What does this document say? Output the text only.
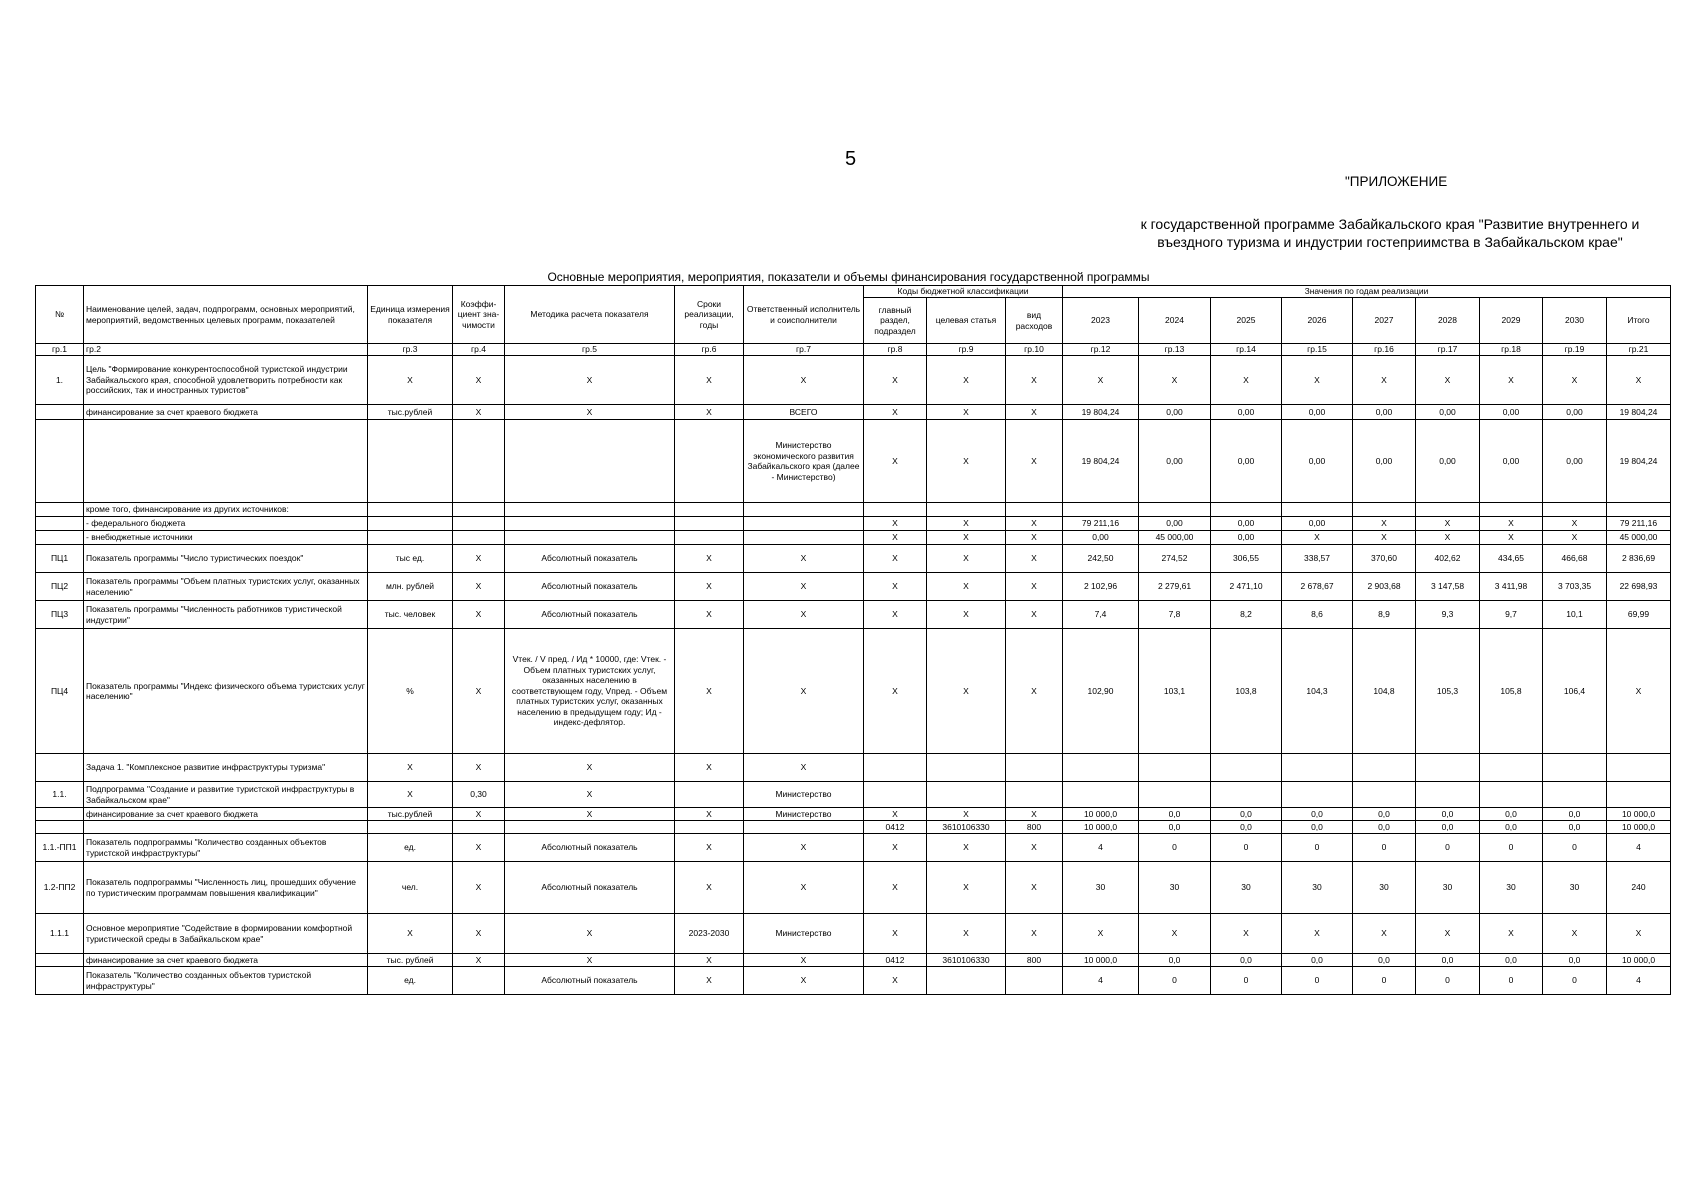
5
"ПРИЛОЖЕНИЕ
к государственной программе Забайкальского края "Развитие внутреннего и
въездного туризма и индустрии гостеприимства в Забайкальском крае"
Основные мероприятия, мероприятия, показатели и объемы финансирования государственной программы
№	Наименование целей, задач, подпрограмм, основных мероприятий, мероприятий, ведомственных целевых программ, показателей	Единица измерения показателя	Коэффи-циент зна-чимости	Методика расчета показателя	Сроки реализации, годы	Ответственный исполнитель и соисполнители	Коды бюджетной классификации			Значения по годам реализации								
							главный раздел, подраздел	целевая статья	вид расходов	2023	2024	2025	2026	2027	2028	2029	2030	Итого
гр.1	гр.2	гр.3	гр.4	гр.5	гр.6	гр.7	гр.8	гр.9	гр.10	гр.12	гр.13	гр.14	гр.15	гр.16	гр.17	гр.18	гр.19	гр.21
1.	Цель "Формирование конкурентоспособной туристской индустрии Забайкальского края, способной удовлетворить потребности как российских, так и иностранных туристов"	X	X	X	X	X	X	X	X	X	X	X	X	X	X	X	X	X
	финансирование за счет краевого бюджета	тыс.рублей	X	X	X	ВСЕГО	X	X	X	19 804,24	0,00	0,00	0,00	0,00	0,00	0,00	0,00	19 804,24
						Министерство экономического развития Забайкальского края (далее - Министерство)	X	X	X	19 804,24	0,00	0,00	0,00	0,00	0,00	0,00	0,00	19 804,24
	кроме того, финансирование из других источников:																	
	- федерального бюджета						X	X	X	79 211,16	0,00	0,00	0,00	X	X	X	X	79 211,16
	- внебюджетные источники						X	X	X	0,00	45 000,00	0,00	X	X	X	X	X	45 000,00
ПЦ1	Показатель программы "Число туристических поездок"	тыс ед.	X	Абсолютный показатель	X	X	X	X	X	242,50	274,52	306,55	338,57	370,60	402,62	434,65	466,68	2 836,69
ПЦ2	Показатель программы "Объем платных туристских услуг, оказанных населению"	млн. рублей	X	Абсолютный показатель	X	X	X	X	X	2 102,96	2 279,61	2 471,10	2 678,67	2 903,68	3 147,58	3 411,98	3 703,35	22 698,93
ПЦ3	Показатель программы "Численность работников туристической индустрии"	тыс. человек	X	Абсолютный показатель	X	X	X	X	X	7,4	7,8	8,2	8,6	8,9	9,3	9,7	10,1	69,99
ПЦ4	Показатель программы "Индекс физического объема туристских услуг населению"	%	X	Vтек. / V пред. / Ид * 10000, где: Vтек. - Объем платных туристских услуг, оказанных населению в соответствующем году, Vпред. - Объем платных туристских услуг, оказанных населению в предыдущем году; Ид - индекс-дефлятор.	X	X	X	X	X	102,90	103,1	103,8	104,3	104,8	105,3	105,8	106,4	X
	Задача 1. "Комплексное развитие инфраструктуры туризма"	X	X	X	X	X												
1.1.	Подпрограмма "Создание и развитие туристской инфраструктуры в Забайкальском крае"	X	0,30	X		Министерство												
	финансирование за счет краевого бюджета	тыс.рублей	X	X	X	Министерство	X	X	X	10 000,0	0,0	0,0	0,0	0,0	0,0	0,0	0,0	10 000,0
							0412	3610106330	800	10 000,0	0,0	0,0	0,0	0,0	0,0	0,0	0,0	10 000,0
1.1.-ПП1	Показатель подпрограммы "Количество созданных объектов туристской инфраструктуры"	ед.	X	Абсолютный показатель	X	X	X	X	X	4	0	0	0	0	0	0	0	4
1.2-ПП2	Показатель подпрограммы "Численность лиц, прошедших обучение по туристическим программам повышения квалификации"	чел.	X	Абсолютный показатель	X	X	X	X	X	30	30	30	30	30	30	30	30	240
1.1.1	Основное мероприятие "Содействие в формировании комфортной туристической среды в Забайкальском крае"	X	X	X	2023-2030	Министерство	X	X	X	X	X	X	X	X	X	X	X	X
	финансирование за счет краевого бюджета	тыс. рублей	X	X	X	X	0412	3610106330	800	10 000,0	0,0	0,0	0,0	0,0	0,0	0,0	0,0	10 000,0
	Показатель "Количество созданных объектов туристской инфраструктуры"	ед.		Абсолютный показатель	X	X	X			4	0	0	0	0	0	0	0	4
